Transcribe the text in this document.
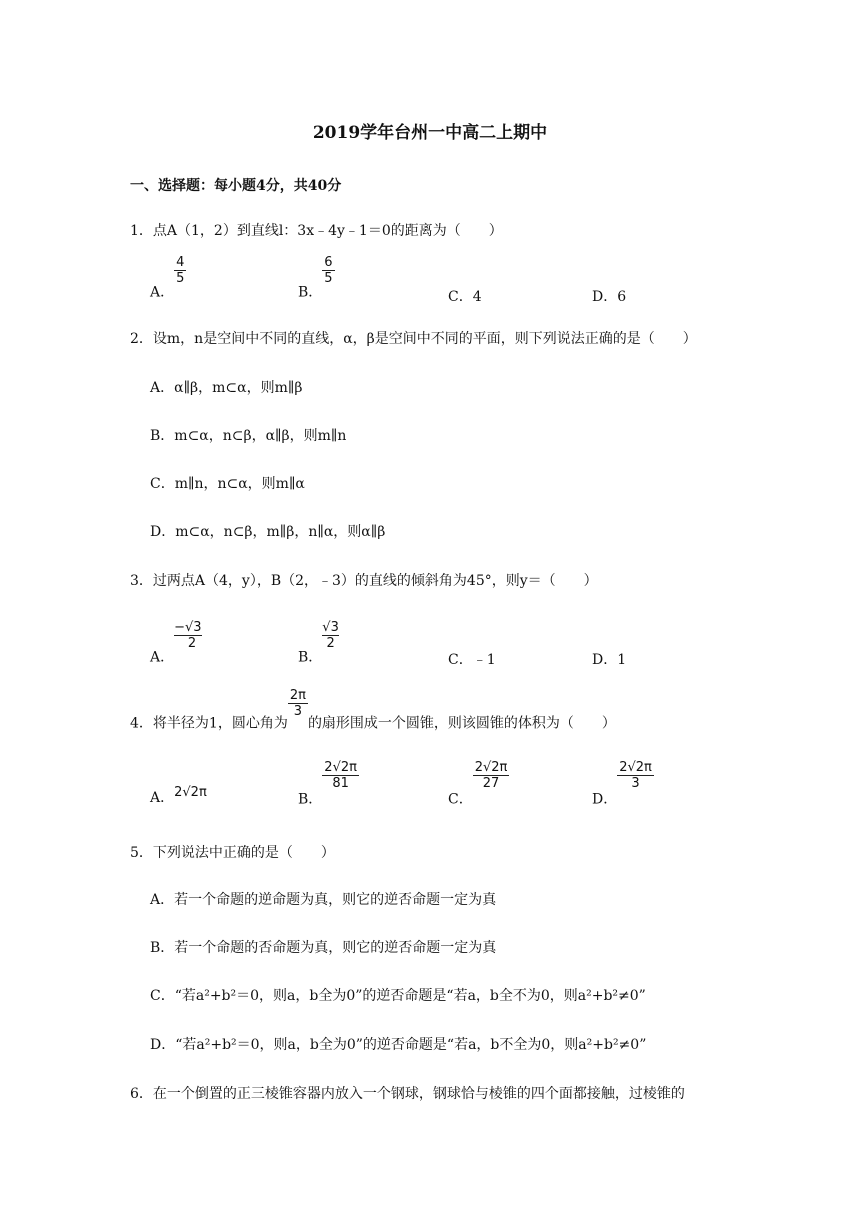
2019学年台州一中高二上期中
一、选择题：每小题4分，共40分
1．点A（1，2）到直线l：3x﹣4y﹣1＝0的距离为（　　）
A．
$\frac{4}{5}$
B．
$\frac{6}{5}$
C．4	D．6
2．设m，n是空间中不同的直线，α，β是空间中不同的平面，则下列说法正确的是（　　）
A．α∥β，m⊂α，则m∥β
B．m⊂α，n⊂β，α∥β，则m∥n
C．m∥n，n⊂α，则m∥α
D．m⊂α，n⊂β，m∥β，n∥α，则α∥β
3．过两点A（4，y），B（2，﹣3）的直线的倾斜角为45°，则y＝（　　）
A．
$\frac{-√3}{2}$
B．
$\frac{√3}{2}$
C．﹣1	D．1
4．将半径为1，圆心角为
$\frac{2\pi}{3}$
的扇形围成一个圆锥，则该圆锥的体积为（　　）
A．2√2π	B．
$\frac{2√2\pi}{81}$
C．
$\frac{2√2\pi}{27}$
D．
$\frac{2√2\pi}{3}$
5．下列说法中正确的是（　　）
A．若一个命题的逆命题为真，则它的逆否命题一定为真
B．若一个命题的否命题为真，则它的逆否命题一定为真
C．“若a²+b²＝0，则a，b全为0”的逆否命题是“若a，b全不为0，则a²+b²≠0”
D．“若a²+b²＝0，则a，b全为0”的逆否命题是“若a，b不全为0，则a²+b²≠0”
6．在一个倒置的正三棱锥容器内放入一个钢球，钢球恰与棱锥的四个面都接触，过棱锥的
